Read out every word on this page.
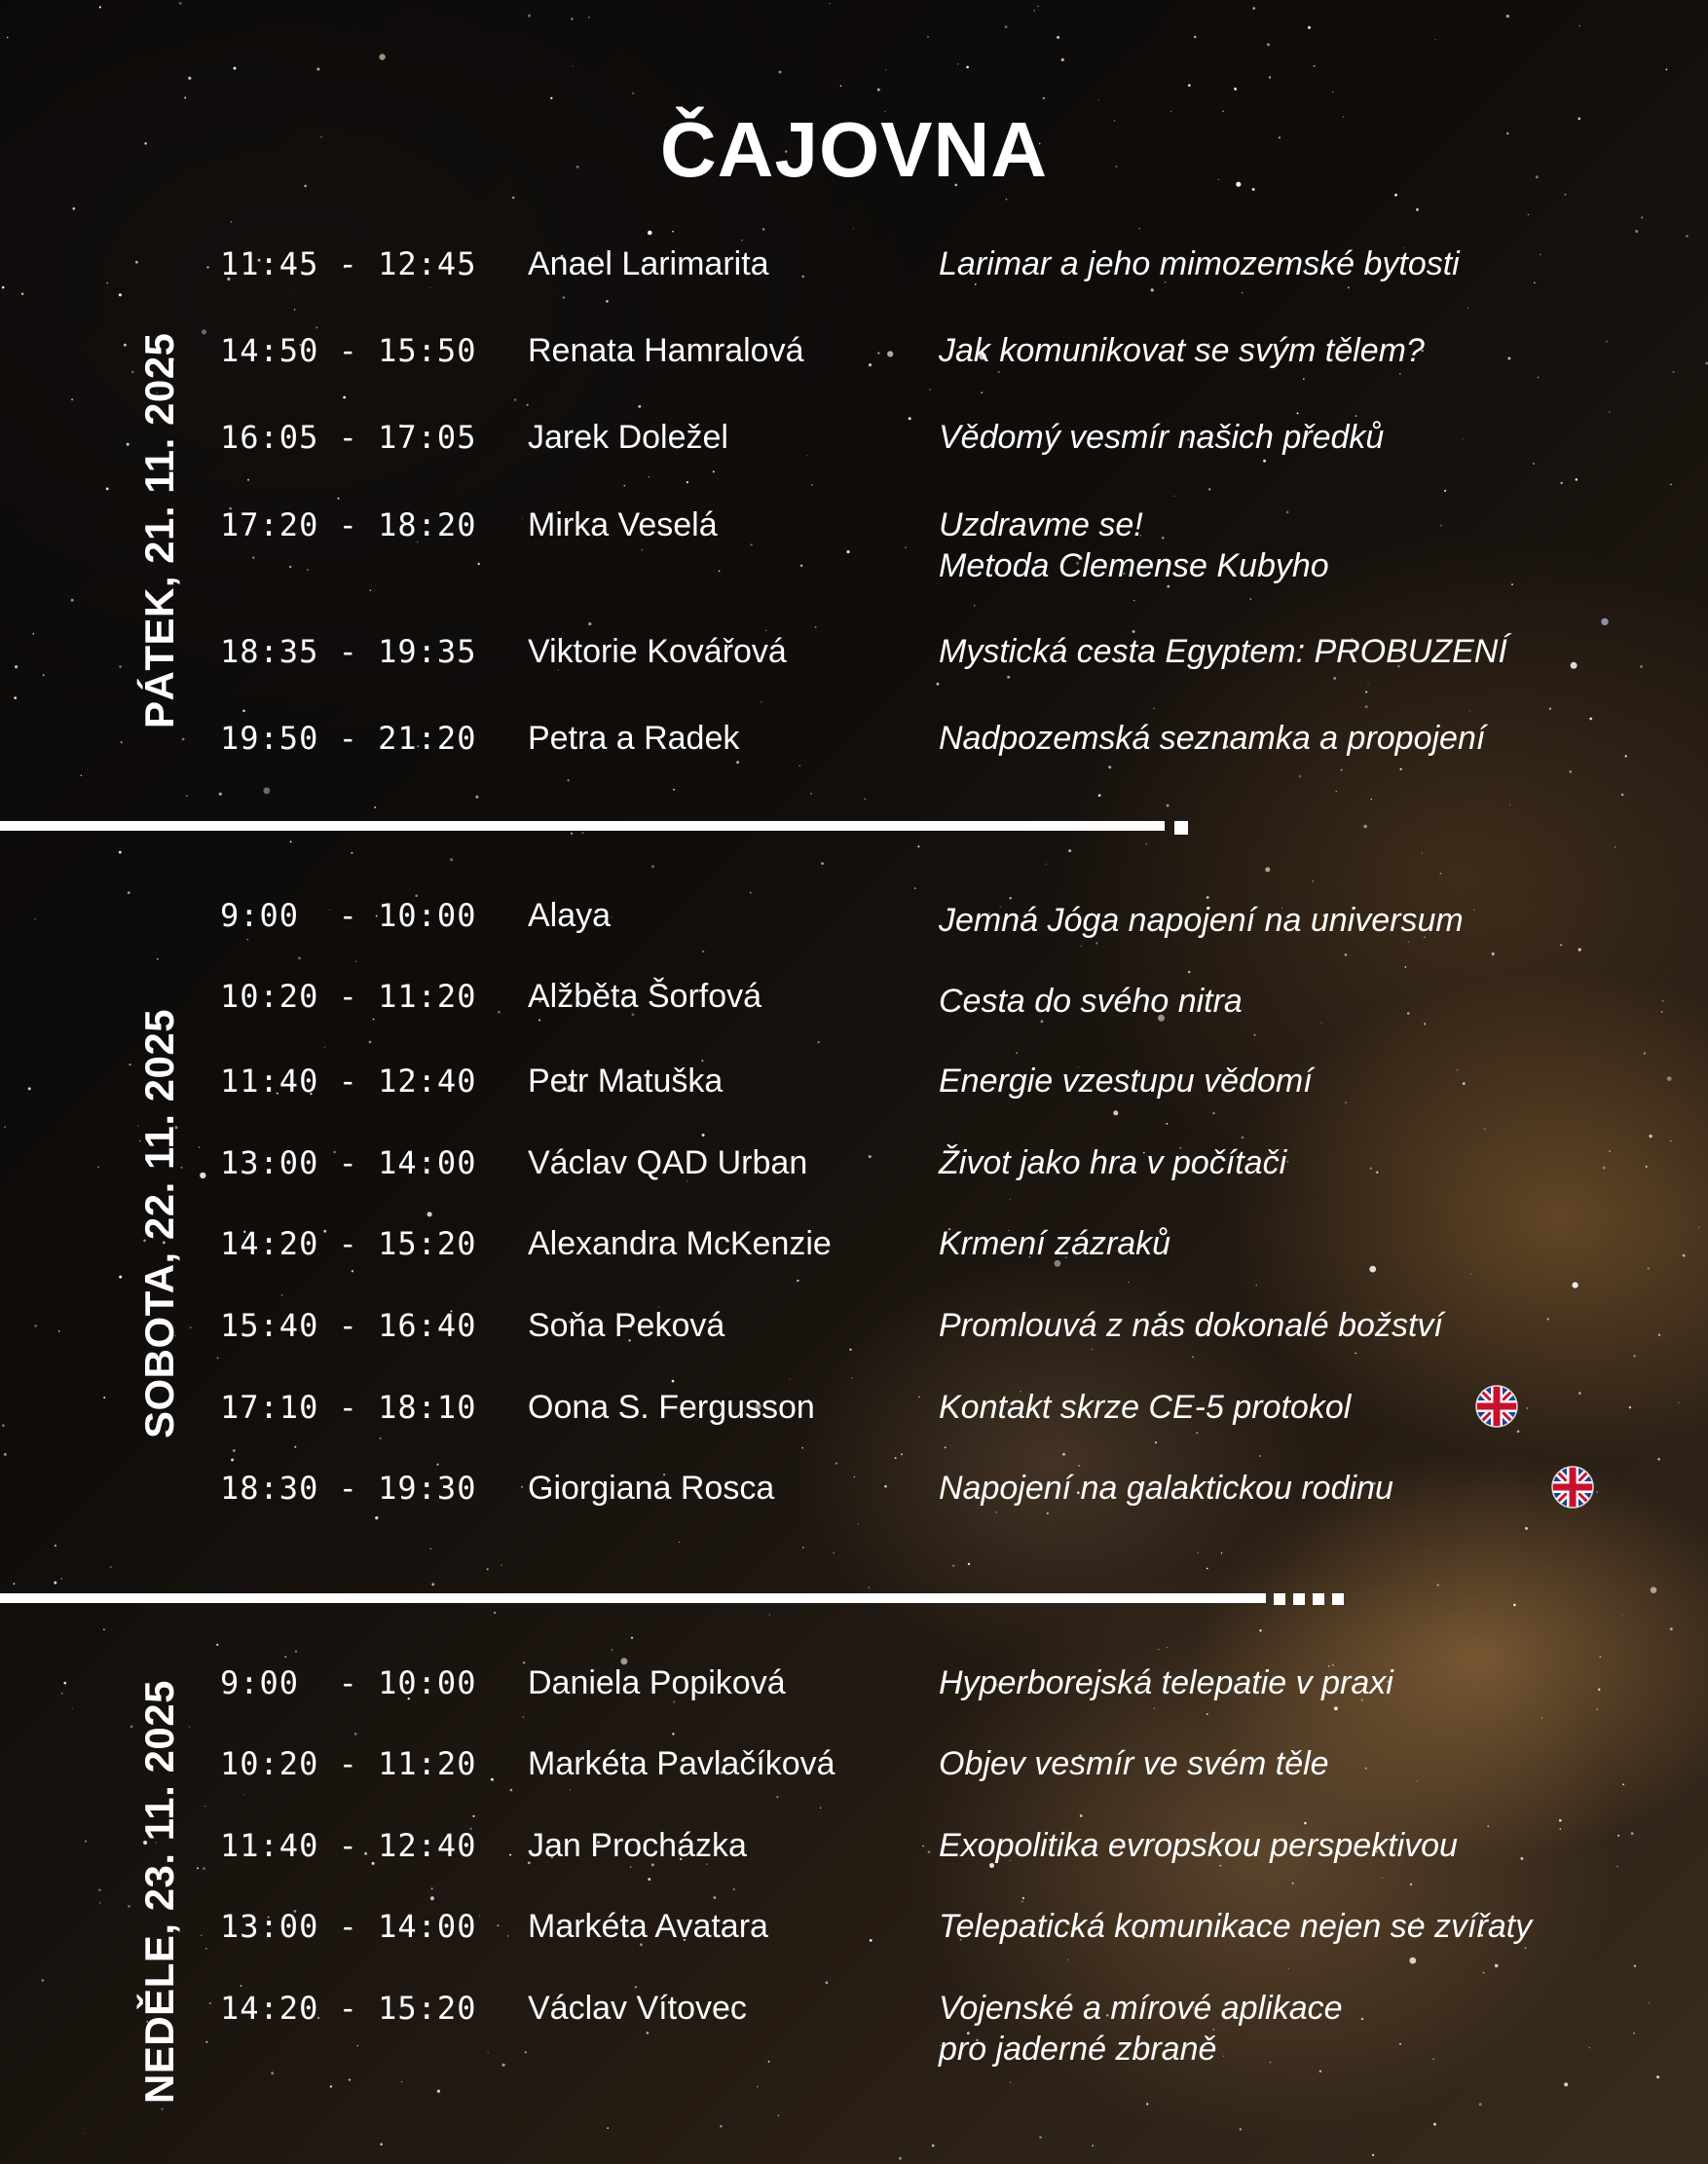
ČAJOVNA
PÁTEK, 21. 11. 2025
11:45 - 12:45 Anael Larimarita	Larimar a jeho mimozemské bytosti
14:50 - 15:50 Renata Hamralová	Jak komunikovat se svým tělem?
16:05 - 17:05 Jarek Doležel	Vědomý vesmír našich předků
17:20 - 18:20 Mirka Veselá	Uzdravme se!
Metoda Clemense Kubyho
18:35 - 19:35 Viktorie Kovářová	Mystická cesta Egyptem: PROBUZENÍ
19:50 - 21:20 Petra a Radek	Nadpozemská seznamka a propojení
SOBOTA, 22. 11. 2025
9:00  - 10:00 Alaya	Jemná Jóga napojení na universum
10:20 - 11:20 Alžběta Šorfová	Cesta do svého nitra
11:40 - 12:40 Petr Matuška	Energie vzestupu vědomí
13:00 - 14:00 Václav QAD Urban	Život jako hra v počítači
14:20 - 15:20 Alexandra McKenzie	Krmení zázraků
15:40 - 16:40 Soňa Peková	Promlouvá z nás dokonalé božství
17:10 - 18:10 Oona S. Fergusson	Kontakt skrze CE-5 protokol
18:30 - 19:30 Giorgiana Rosca	Napojení na galaktickou rodinu
NEDĚLE, 23. 11. 2025 9:00  - 10:00 Daniela Popiková	Hyperborejská telepatie v praxi
10:20 - 11:20 Markéta Pavlačíková	Objev vesmír ve svém těle
11:40 - 12:40 Jan Procházka	Exopolitika evropskou perspektivou
13:00 - 14:00 Markéta Avatara	Telepatická komunikace nejen se zvířaty
14:20 - 15:20 Václav Vítovec	Vojenské a mírové aplikace
pro jaderné zbraně
